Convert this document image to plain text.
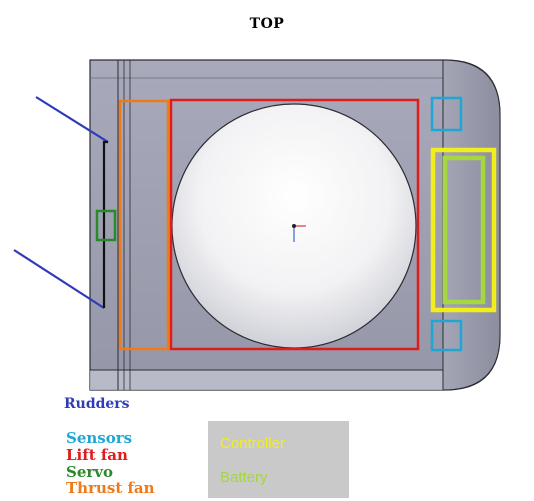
TOP
Rudders
Sensors
Lift fan
Servo
Thrust fan
Controller
Battery
